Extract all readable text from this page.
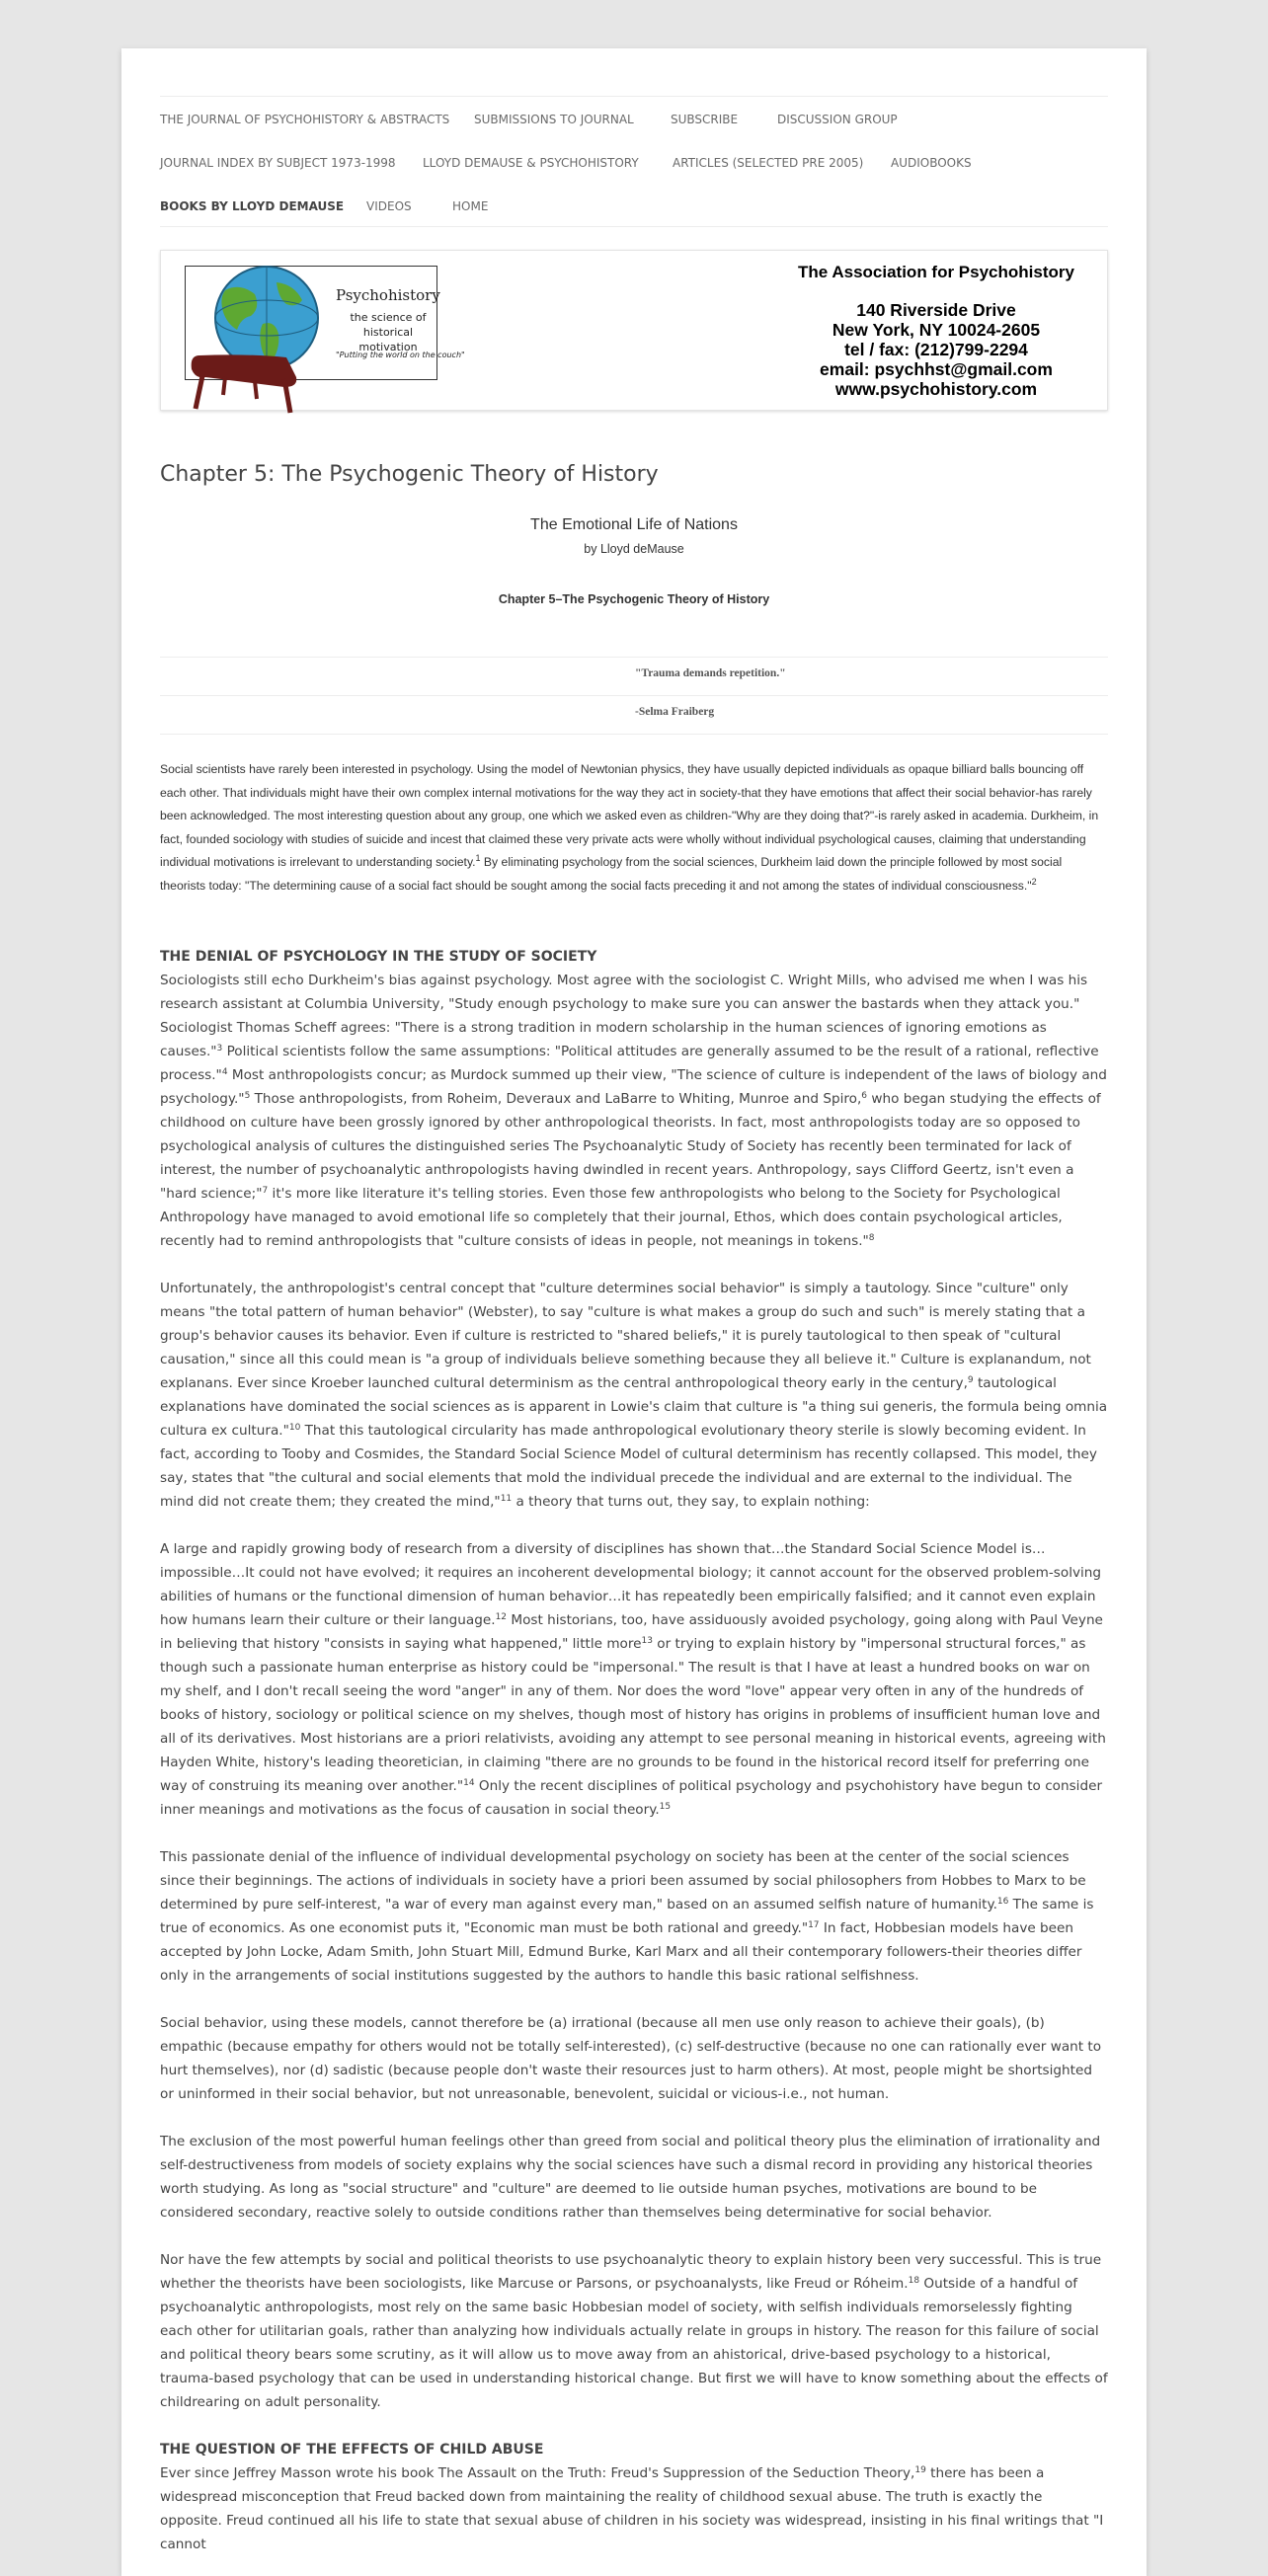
THE JOURNAL OF PSYCHOHISTORY & ABSTRACTS SUBMISSIONS TO JOURNAL	SUBSCRIBE	DISCUSSION GROUP
JOURNAL INDEX BY SUBJECT 1973-1998 LLOYD DEMAUSE & PSYCHOHISTORY	ARTICLES (SELECTED PRE 2005) AUDIOBOOKS
BOOKS BY LLOYD DEMAUSE VIDEOS	HOME
Psychohistory
the science of
historical motivation
"Putting the world on the couch"
The Association for Psychohistory
140 Riverside Drive
New York, NY 10024-2605
tel / fax: (212)799-2294
email: psychhst@gmail.com
www.psychohistory.com
Chapter 5: The Psychogenic Theory of History
The Emotional Life of Nations
by Lloyd deMause
Chapter 5–The Psychogenic Theory of History
"Trauma demands repetition."
-Selma Fraiberg

Social scientists have rarely been interested in psychology. Using the model of Newtonian physics, they have usually depicted individuals as opaque billiard balls bouncing off each other. That individuals might have their own complex internal motivations for the way they act in society-that they have emotions that affect their social behavior-has rarely been acknowledged. The most interesting question about any group, one which we asked even as children-"Why are they doing that?"-is rarely asked in academia. Durkheim, in fact, founded sociology with studies of suicide and incest that claimed these very private acts were wholly without individual psychological causes, claiming that understanding individual motivations is irrelevant to understanding society.$^1$ By eliminating psychology from the social sciences, Durkheim laid down the principle followed by most social theorists today: "The determining cause of a social fact should be sought among the social facts preceding it and not among the states of individual consciousness."$^2$

THE DENIAL OF PSYCHOLOGY IN THE STUDY OF SOCIETY

Sociologists still echo Durkheim's bias against psychology. Most agree with the sociologist C. Wright Mills, who advised me when I was his research assistant at Columbia University, "Study enough psychology to make sure you can answer the bastards when they attack you." Sociologist Thomas Scheff agrees: "There is a strong tradition in modern scholarship in the human sciences of ignoring emotions as causes."$^3$ Political scientists follow the same assumptions: "Political attitudes are generally assumed to be the result of a rational, reflective process."$^4$ Most anthropologists concur; as Murdock summed up their view, "The science of culture is independent of the laws of biology and psychology."$^5$ Those anthropologists, from Roheim, Deveraux and LaBarre to Whiting, Munroe and Spiro,$^6$ who began studying the effects of childhood on culture have been grossly ignored by other anthropological theorists. In fact, most anthropologists today are so opposed to psychological analysis of cultures the distinguished series The Psychoanalytic Study of Society has recently been terminated for lack of interest, the number of psychoanalytic anthropologists having dwindled in recent years. Anthropology, says Clifford Geertz, isn't even a "hard science;"$^7$ it's more like literature it's telling stories. Even those few anthropologists who belong to the Society for Psychological Anthropology have managed to avoid emotional life so completely that their journal, Ethos, which does contain psychological articles, recently had to remind anthropologists that "culture consists of ideas in people, not meanings in tokens."$^8$

Unfortunately, the anthropologist's central concept that "culture determines social behavior" is simply a tautology. Since "culture" only means "the total pattern of human behavior" (Webster), to say "culture is what makes a group do such and such" is merely stating that a group's behavior causes its behavior. Even if culture is restricted to "shared beliefs," it is purely tautological to then speak of "cultural causation," since all this could mean is "a group of individuals believe something because they all believe it." Culture is explanandum, not explanans. Ever since Kroeber launched cultural determinism as the central anthropological theory early in the century,$^9$ tautological explanations have dominated the social sciences as is apparent in Lowie's claim that culture is "a thing sui generis, the formula being omnia cultura ex cultura."$^{10}$ That this tautological circularity has made anthropological evolutionary theory sterile is slowly becoming evident. In fact, according to Tooby and Cosmides, the Standard Social Science Model of cultural determinism has recently collapsed. This model, they say, states that "the cultural and social elements that mold the individual precede the individual and are external to the individual. The mind did not create them; they created the mind,"$^{11}$ a theory that turns out, they say, to explain nothing:

A large and rapidly growing body of research from a diversity of disciplines has shown that…the Standard Social Science Model is…impossible…It could not have evolved; it requires an incoherent developmental biology; it cannot account for the observed problem-solving abilities of humans or the functional dimension of human behavior…it has repeatedly been empirically falsified; and it cannot even explain how humans learn their culture or their language.$^{12}$ Most historians, too, have assiduously avoided psychology, going along with Paul Veyne in believing that history "consists in saying what happened," little more$^{13}$ or trying to explain history by "impersonal structural forces," as though such a passionate human enterprise as history could be "impersonal." The result is that I have at least a hundred books on war on my shelf, and I don't recall seeing the word "anger" in any of them. Nor does the word "love" appear very often in any of the hundreds of books of history, sociology or political science on my shelves, though most of history has origins in problems of insufficient human love and all of its derivatives. Most historians are a priori relativists, avoiding any attempt to see personal meaning in historical events, agreeing with Hayden White, history's leading theoretician, in claiming "there are no grounds to be found in the historical record itself for preferring one way of construing its meaning over another."$^{14}$ Only the recent disciplines of political psychology and psychohistory have begun to consider inner meanings and motivations as the focus of causation in social theory.$^{15}$

This passionate denial of the influence of individual developmental psychology on society has been at the center of the social sciences since their beginnings. The actions of individuals in society have a priori been assumed by social philosophers from Hobbes to Marx to be determined by pure self-interest, "a war of every man against every man," based on an assumed selfish nature of humanity.$^{16}$ The same is true of economics. As one economist puts it, "Economic man must be both rational and greedy."$^{17}$ In fact, Hobbesian models have been accepted by John Locke, Adam Smith, John Stuart Mill, Edmund Burke, Karl Marx and all their contemporary followers-their theories differ only in the arrangements of social institutions suggested by the authors to handle this basic rational selfishness.

Social behavior, using these models, cannot therefore be (a) irrational (because all men use only reason to achieve their goals), (b) empathic (because empathy for others would not be totally self-interested), (c) self-destructive (because no one can rationally ever want to hurt themselves), nor (d) sadistic (because people don't waste their resources just to harm others). At most, people might be shortsighted or uninformed in their social behavior, but not unreasonable, benevolent, suicidal or vicious-i.e., not human.

The exclusion of the most powerful human feelings other than greed from social and political theory plus the elimination of irrationality and self-destructiveness from models of society explains why the social sciences have such a dismal record in providing any historical theories worth studying. As long as "social structure" and "culture" are deemed to lie outside human psyches, motivations are bound to be considered secondary, reactive solely to outside conditions rather than themselves being determinative for social behavior.

Nor have the few attempts by social and political theorists to use psychoanalytic theory to explain history been very successful. This is true whether the theorists have been sociologists, like Marcuse or Parsons, or psychoanalysts, like Freud or Róheim.$^{18}$ Outside of a handful of psychoanalytic anthropologists, most rely on the same basic Hobbesian model of society, with selfish individuals remorselessly fighting each other for utilitarian goals, rather than analyzing how individuals actually relate in groups in history. The reason for this failure of social and political theory bears some scrutiny, as it will allow us to move away from an ahistorical, drive-based psychology to a historical, trauma-based psychology that can be used in understanding historical change. But first we will have to know something about the effects of childrearing on adult personality.

THE QUESTION OF THE EFFECTS OF CHILD ABUSE

Ever since Jeffrey Masson wrote his book The Assault on the Truth: Freud's Suppression of the Seduction Theory,$^{19}$ there has been a widespread misconception that Freud backed down from maintaining the reality of childhood sexual abuse. The truth is exactly the opposite. Freud continued all his life to state that sexual abuse of children in his society was widespread, insisting in his final writings that "I cannot
